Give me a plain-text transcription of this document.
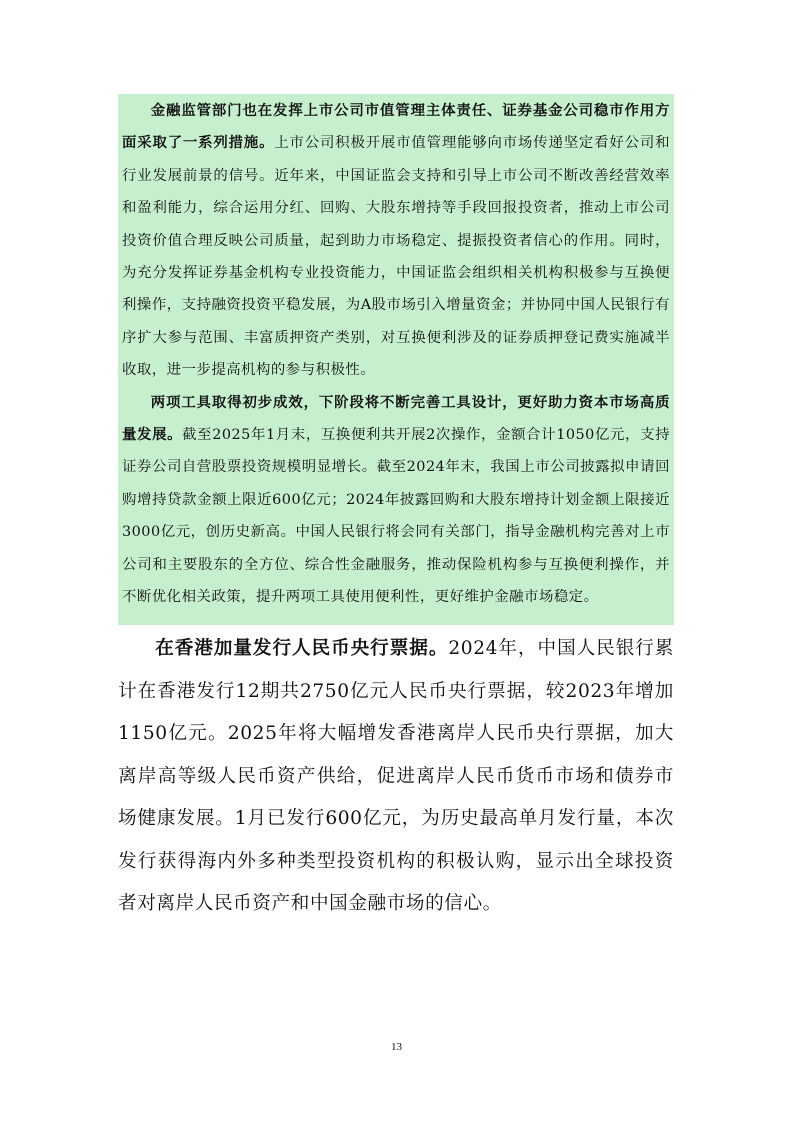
金融监管部门也在发挥上市公司市值管理主体责任、证券基金公司稳市作用方面采取了一系列措施。上市公司积极开展市值管理能够向市场传递坚定看好公司和行业发展前景的信号。近年来，中国证监会支持和引导上市公司不断改善经营效率和盈利能力，综合运用分红、回购、大股东增持等手段回报投资者，推动上市公司投资价值合理反映公司质量，起到助力市场稳定、提振投资者信心的作用。同时，为充分发挥证券基金机构专业投资能力，中国证监会组织相关机构积极参与互换便利操作，支持融资投资平稳发展，为A股市场引入增量资金；并协同中国人民银行有序扩大参与范围、丰富质押资产类别，对互换便利涉及的证券质押登记费实施减半收取，进一步提高机构的参与积极性。

两项工具取得初步成效，下阶段将不断完善工具设计，更好助力资本市场高质量发展。截至2025年1月末，互换便利共开展2次操作，金额合计1050亿元，支持证券公司自营股票投资规模明显增长。截至2024年末，我国上市公司披露拟申请回购增持贷款金额上限近600亿元；2024年披露回购和大股东增持计划金额上限接近3000亿元，创历史新高。中国人民银行将会同有关部门，指导金融机构完善对上市公司和主要股东的全方位、综合性金融服务，推动保险机构参与互换便利操作，并不断优化相关政策，提升两项工具使用便利性，更好维护金融市场稳定。

在香港加量发行人民币央行票据。2024年，中国人民银行累计在香港发行12期共2750亿元人民币央行票据，较2023年增加1150亿元。2025年将大幅增发香港离岸人民币央行票据，加大离岸高等级人民币资产供给，促进离岸人民币货币市场和债券市场健康发展。1月已发行600亿元，为历史最高单月发行量，本次发行获得海内外多种类型投资机构的积极认购，显示出全球投资者对离岸人民币资产和中国金融市场的信心。

13
